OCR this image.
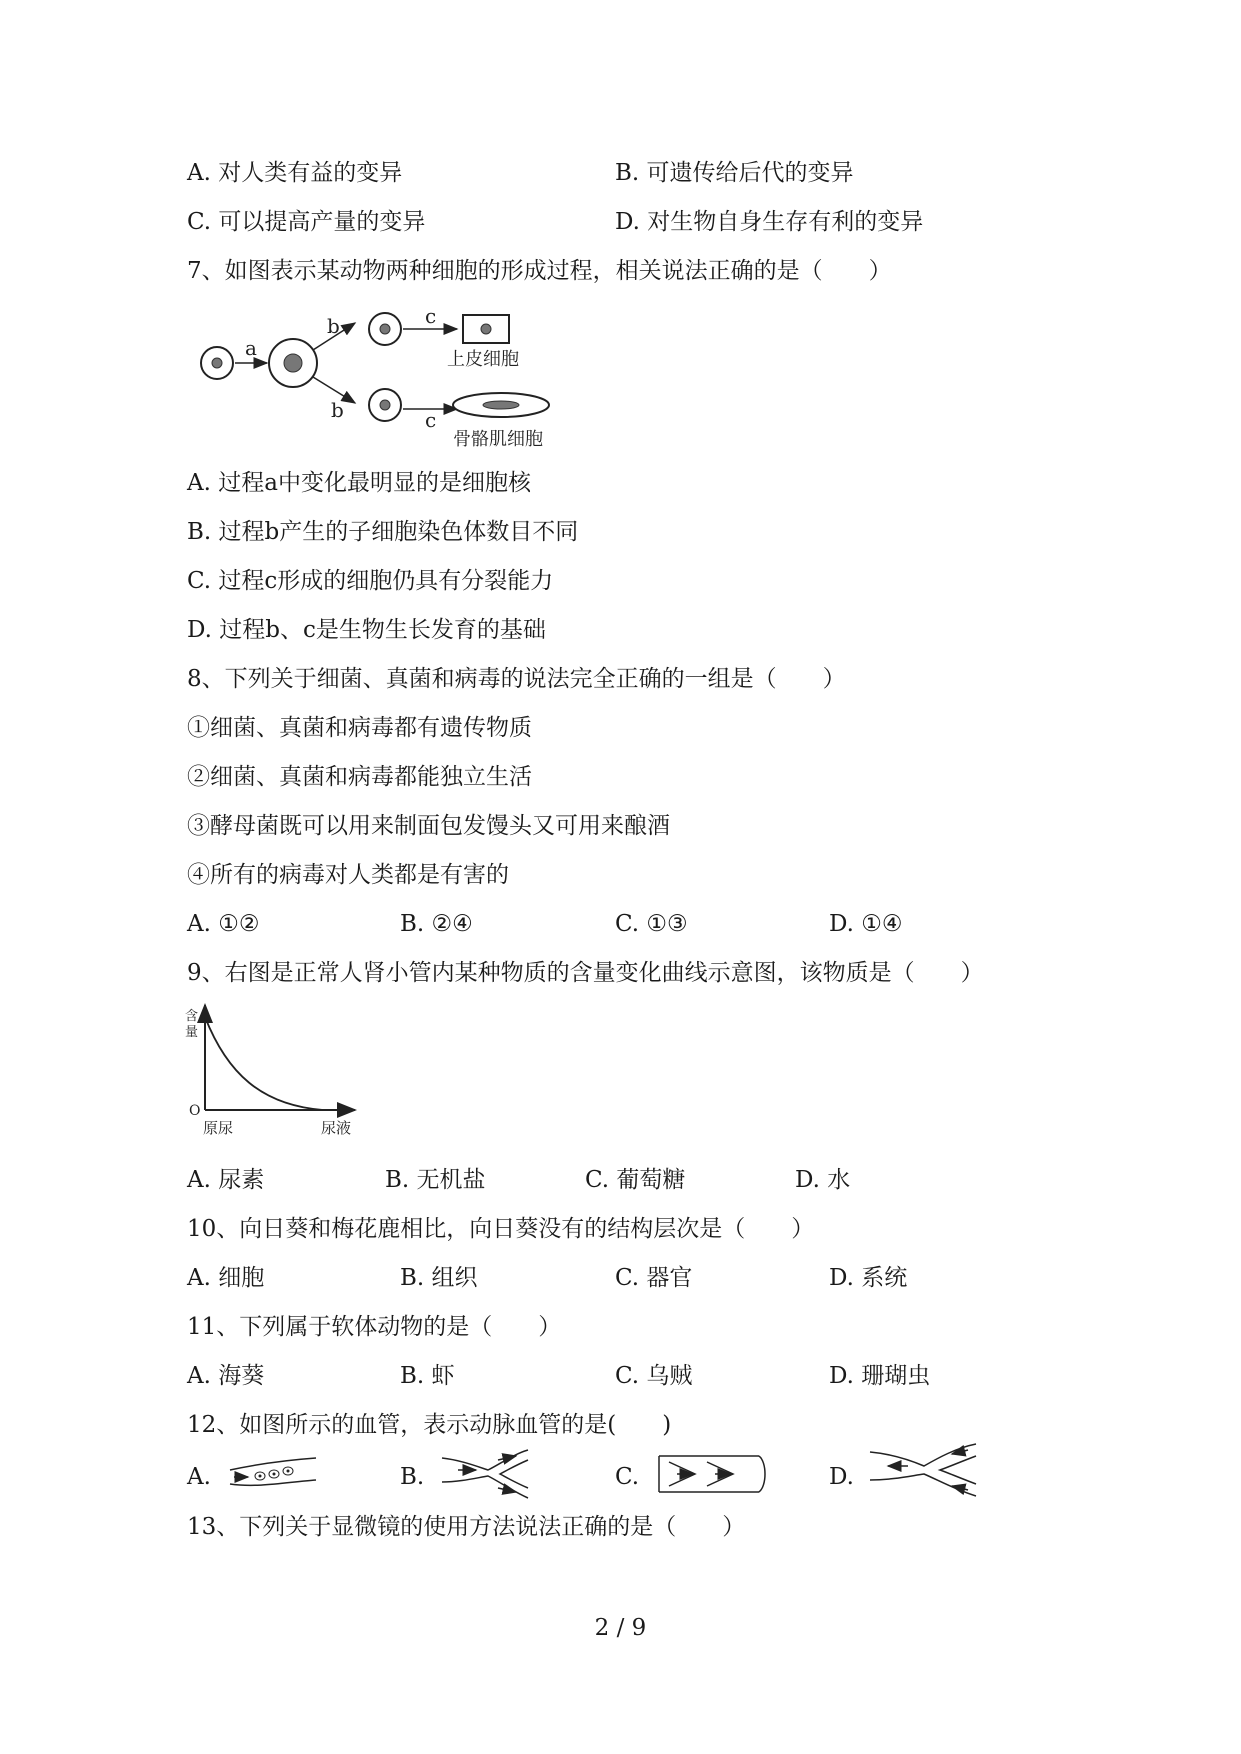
A. 对人类有益的变异	B. 可遗传给后代的变异
C. 可以提高产量的变异	D. 对生物自身生存有利的变异
7、如图表示某动物两种细胞的形成过程，相关说法正确的是（　　）
a
b
b
c
c
上皮细胞
骨骼肌细胞
A. 过程a中变化最明显的是细胞核
B. 过程b产生的子细胞染色体数目不同
C. 过程c形成的细胞仍具有分裂能力
D. 过程b、c是生物生长发育的基础
8、下列关于细菌、真菌和病毒的说法完全正确的一组是（　　）
①细菌、真菌和病毒都有遗传物质
②细菌、真菌和病毒都能独立生活
③酵母菌既可以用来制面包发馒头又可用来酿酒
④所有的病毒对人类都是有害的
A. ①②	B. ②④	C. ①③	D. ①④
9、右图是正常人肾小管内某种物质的含量变化曲线示意图，该物质是（　　）
含
量
O
原尿	尿液
A. 尿素	B. 无机盐	C. 葡萄糖	D. 水
10、向日葵和梅花鹿相比，向日葵没有的结构层次是（　　）
A. 细胞	B. 组织	C. 器官	D. 系统
11、下列属于软体动物的是（　　）
A. 海葵	B. 虾	C. 乌贼	D. 珊瑚虫
12、如图所示的血管，表示动脉血管的是(　　)
A.	B.	C.	D.
13、下列关于显微镜的使用方法说法正确的是（　　）
2 / 9
